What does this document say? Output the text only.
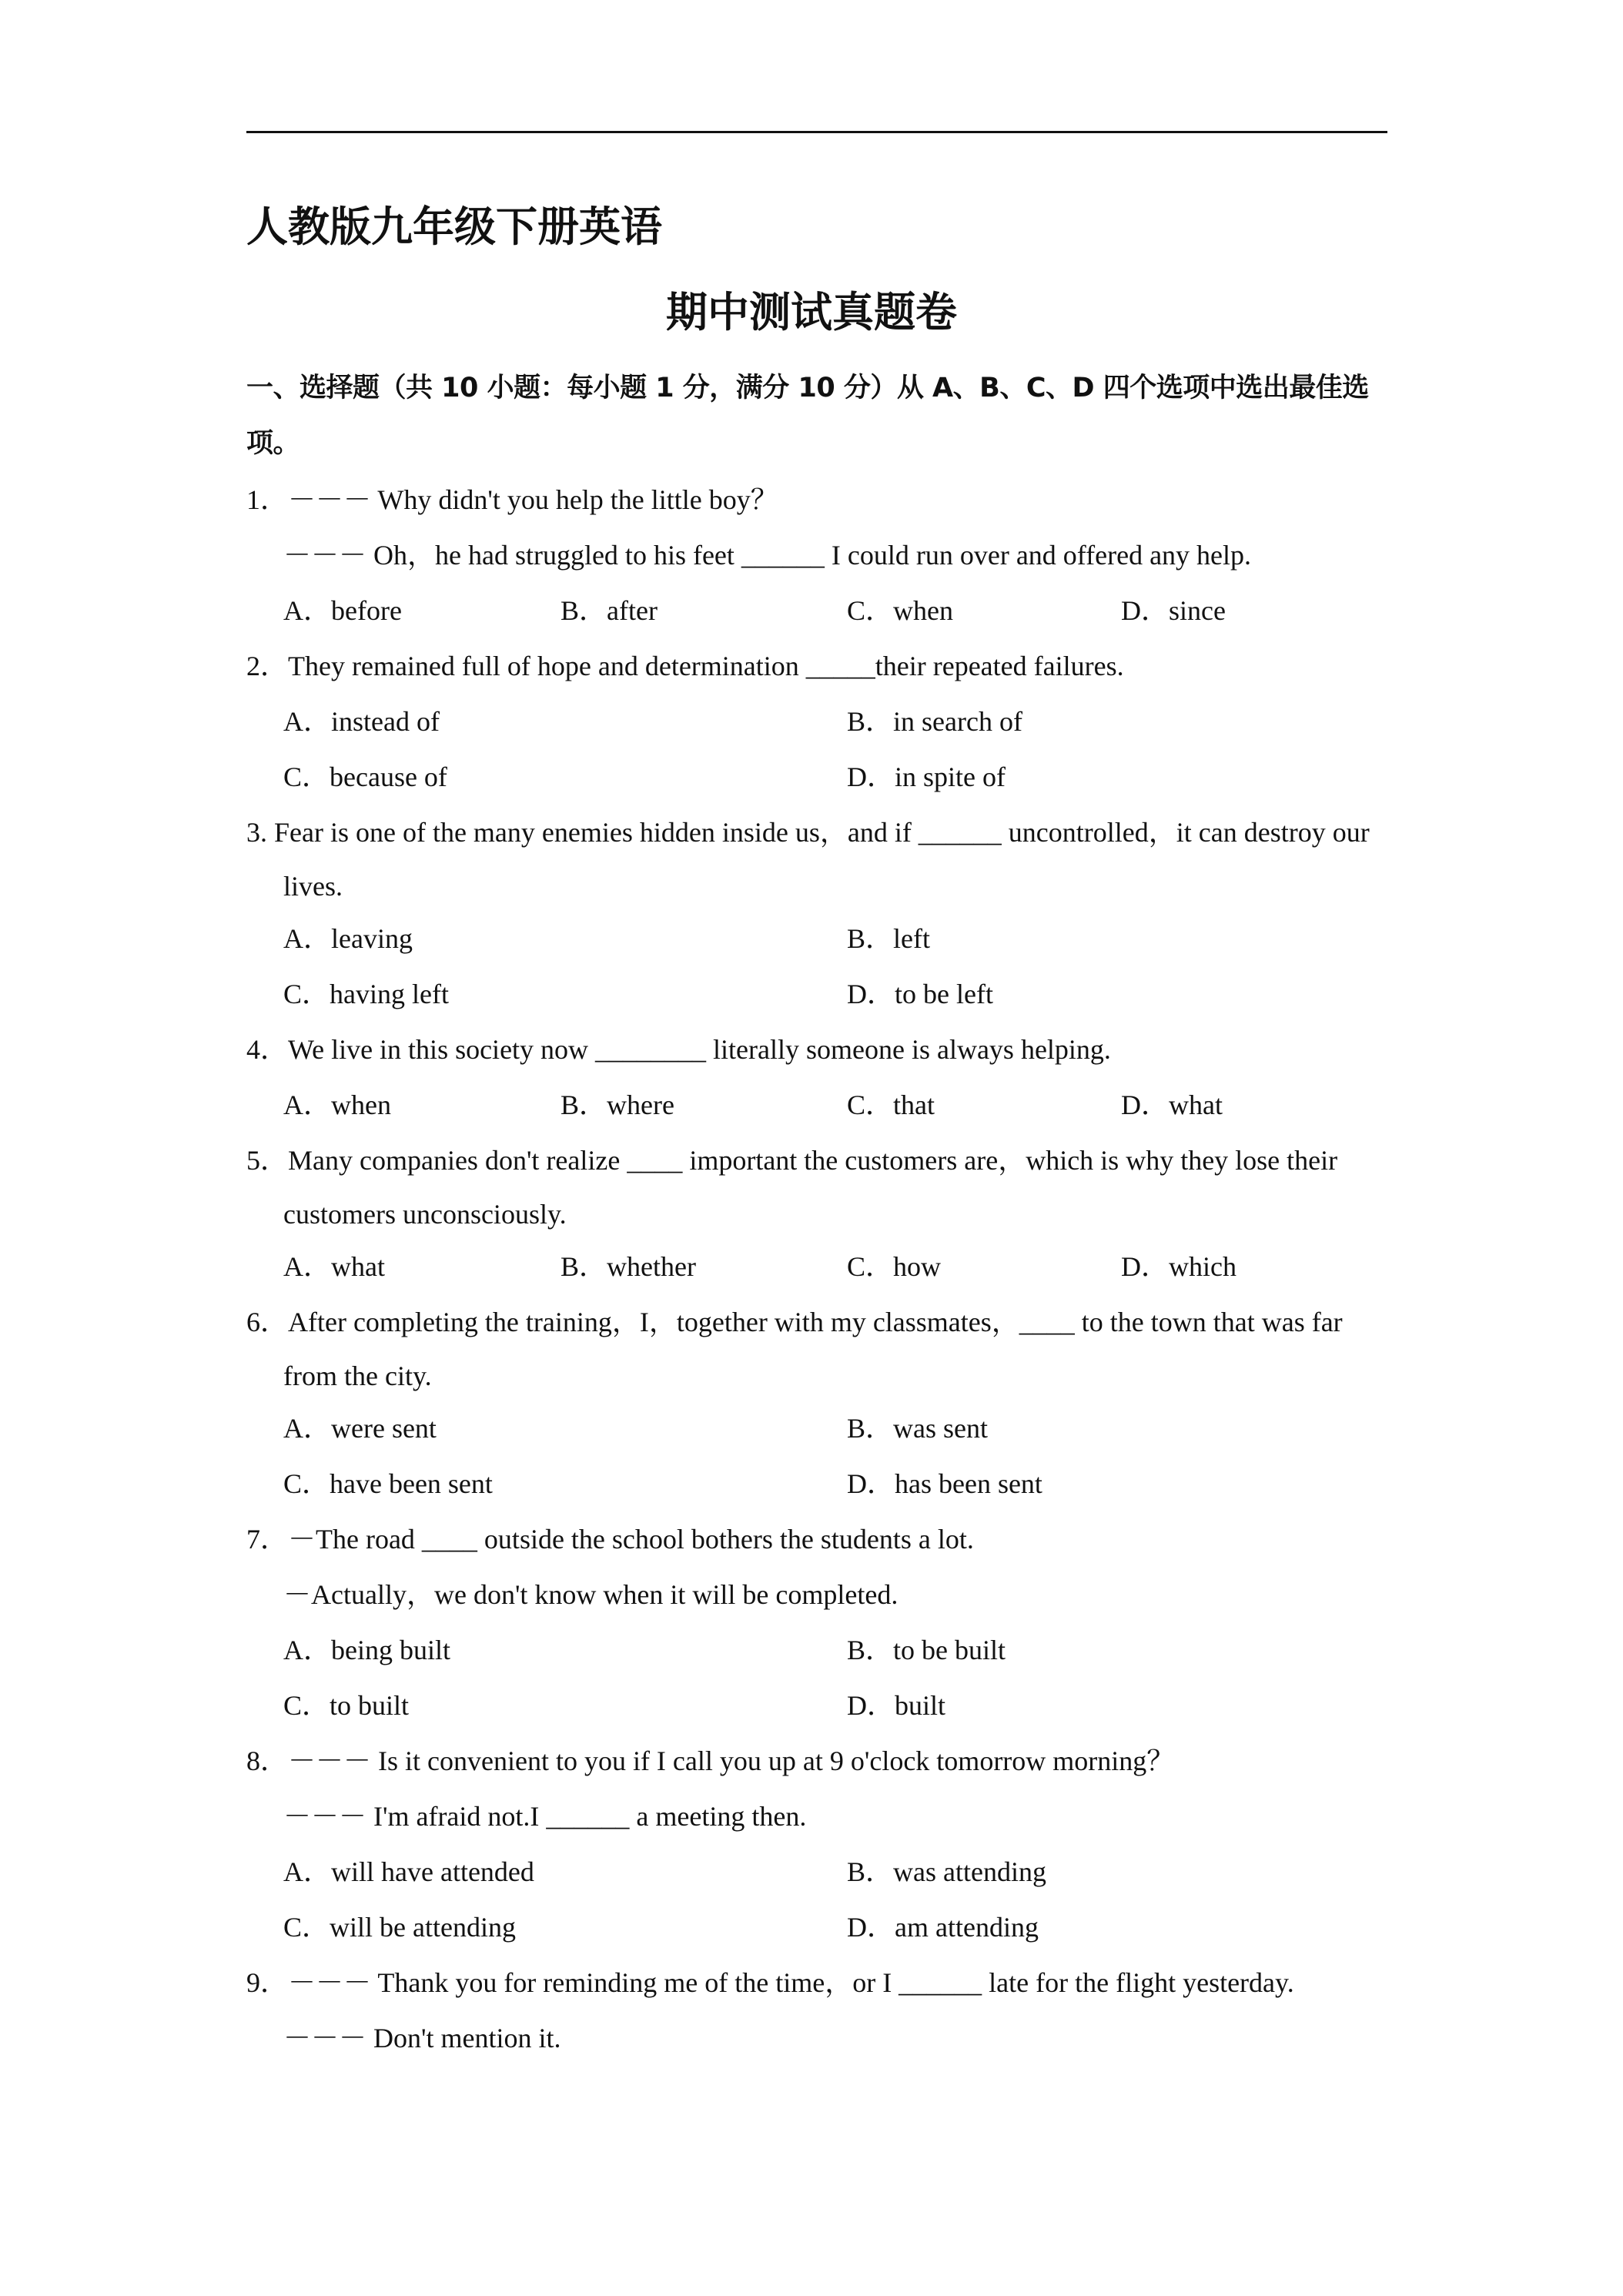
人教版九年级下册英语
期中测试真题卷
一、选择题（共 10 小题：每小题 1 分，满分 10 分）从 A、B、C、D 四个选项中选出最佳选项。
1．－－－ Why didn't you help the little boy？
－－－ Oh，he had struggled to his feet ______ I could run over and offered any help.
A．before	B．after	C．when	D．since
2．They remained full of hope and determination _____their repeated failures.
A．instead of	B．in search of
C．because of	D．in spite of
3. Fear is one of the many enemies hidden inside us，and if ______ uncontrolled，it can destroy our
lives.
A．leaving	B．left
C．having left	D．to be left
4．We live in this society now ________ literally someone is always helping.
A．when	B．where	C．that	D．what
5．Many companies don't realize ____ important the customers are，which is why they lose their
customers unconsciously.
A．what	B．whether	C．how	D．which
6．After completing the training，I，together with my classmates，____ to the town that was far
from the city.
A．were sent	B．was sent
C．have been sent	D．has been sent
7．－The road ____ outside the school bothers the students a lot.
－Actually，we don't know when it will be completed.
A．being built	B．to be built
C．to built	D．built
8．－－－ Is it convenient to you if I call you up at 9 o'clock tomorrow morning？
－－－ I'm afraid not.I ______ a meeting then.
A．will have attended	B．was attending
C．will be attending	D．am attending
9．－－－ Thank you for reminding me of the time，or I ______ late for the flight yesterday.
－－－ Don't mention it.
